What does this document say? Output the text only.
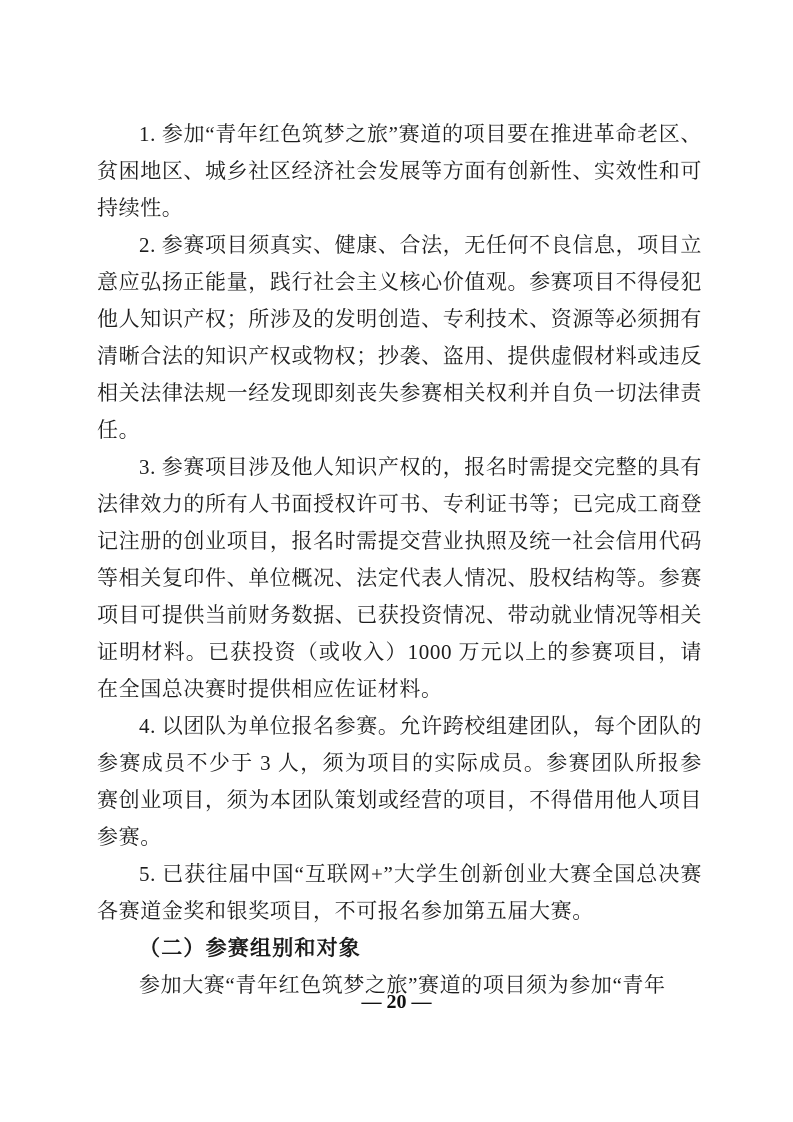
1. 参加“青年红色筑梦之旅”赛道的项目要在推进革命老区、贫困地区、城乡社区经济社会发展等方面有创新性、实效性和可持续性。

2. 参赛项目须真实、健康、合法，无任何不良信息，项目立意应弘扬正能量，践行社会主义核心价值观。参赛项目不得侵犯他人知识产权；所涉及的发明创造、专利技术、资源等必须拥有清晰合法的知识产权或物权；抄袭、盗用、提供虚假材料或违反相关法律法规一经发现即刻丧失参赛相关权利并自负一切法律责任。

3. 参赛项目涉及他人知识产权的，报名时需提交完整的具有法律效力的所有人书面授权许可书、专利证书等；已完成工商登记注册的创业项目，报名时需提交营业执照及统一社会信用代码等相关复印件、单位概况、法定代表人情况、股权结构等。参赛项目可提供当前财务数据、已获投资情况、带动就业情况等相关证明材料。已获投资（或收入）1000 万元以上的参赛项目，请在全国总决赛时提供相应佐证材料。

4. 以团队为单位报名参赛。允许跨校组建团队，每个团队的参赛成员不少于 3 人，须为项目的实际成员。参赛团队所报参赛创业项目，须为本团队策划或经营的项目，不得借用他人项目参赛。

5. 已获往届中国“互联网+”大学生创新创业大赛全国总决赛各赛道金奖和银奖项目，不可报名参加第五届大赛。

（二）参赛组别和对象

参加大赛“青年红色筑梦之旅”赛道的项目须为参加“青年

— 20 —
